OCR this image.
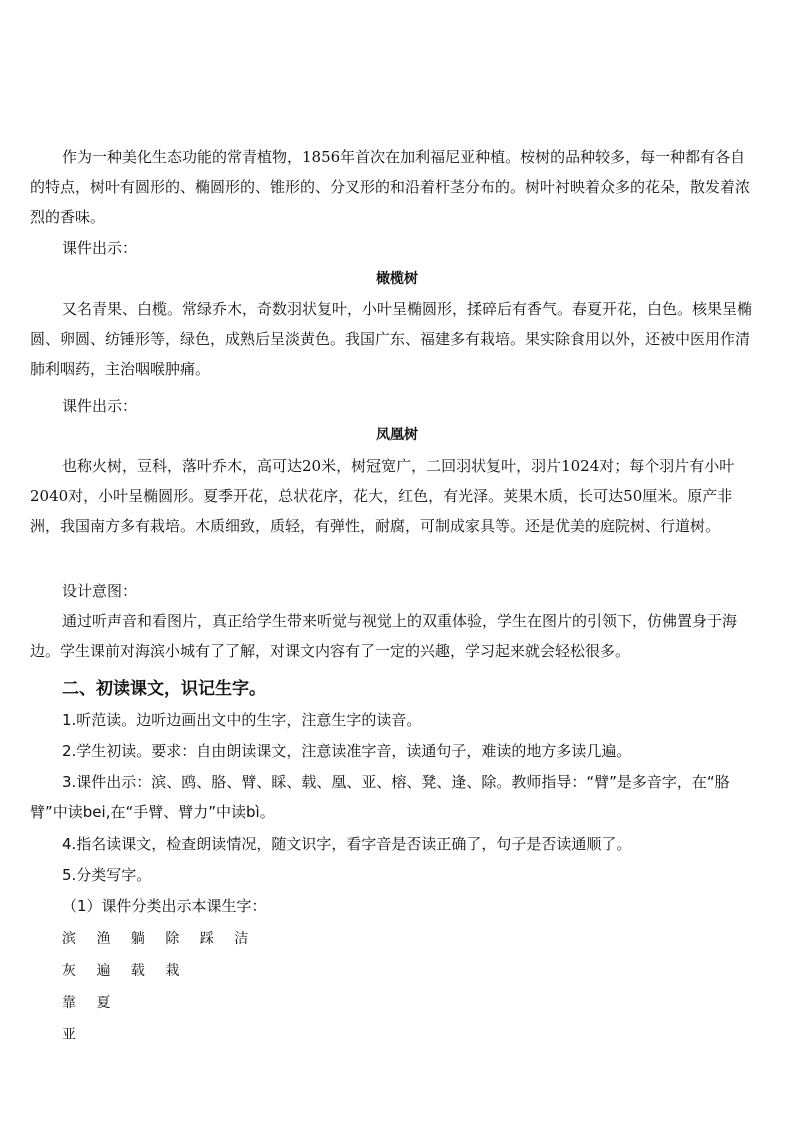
作为一种美化生态功能的常青植物，1856年首次在加利福尼亚种植。桉树的品种较多，每一种都有各自的特点，树叶有圆形的、椭圆形的、锥形的、分叉形的和沿着杆茎分布的。树叶衬映着众多的花朵，散发着浓烈的香味。

课件出示：

橄榄树

又名青果、白榄。常绿乔木，奇数羽状复叶，小叶呈椭圆形，揉碎后有香气。春夏开花，白色。核果呈椭圆、卵圆、纺锤形等，绿色，成熟后呈淡黄色。我国广东、福建多有栽培。果实除食用以外，还被中医用作清肺利咽药，主治咽喉肿痛。

课件出示：

凤凰树

也称火树，豆科，落叶乔木，高可达20米，树冠宽广，二回羽状复叶，羽片1024对；每个羽片有小叶2040对，小叶呈椭圆形。夏季开花，总状花序，花大，红色，有光泽。荚果木质，长可达50厘米。原产非洲，我国南方多有栽培。木质细致，质轻，有弹性，耐腐，可制成家具等。还是优美的庭院树、行道树。

设计意图：

通过听声音和看图片，真正给学生带来听觉与视觉上的双重体验，学生在图片的引领下，仿佛置身于海边。学生课前对海滨小城有了了解，对课文内容有了一定的兴趣，学习起来就会轻松很多。

二、初读课文，识记生字。

1.听范读。边听边画出文中的生字，注意生字的读音。

2.学生初读。要求：自由朗读课文，注意读准字音，读通句子，难读的地方多读几遍。

3.课件出示：滨、鸥、胳、臂、睬、载、凰、亚、榕、凳、逢、除。教师指导：“臂”是多音字，在“胳臂”中读bei,在“手臂、臂力”中读bì。

4.指名读课文，检查朗读情况，随文识字，看字音是否读正确了，句子是否读通顺了。

5.分类写字。

（1）课件分类出示本课生字：

滨 渔 躺 除 踩 洁

灰 遍 载 栽

靠 夏

亚
